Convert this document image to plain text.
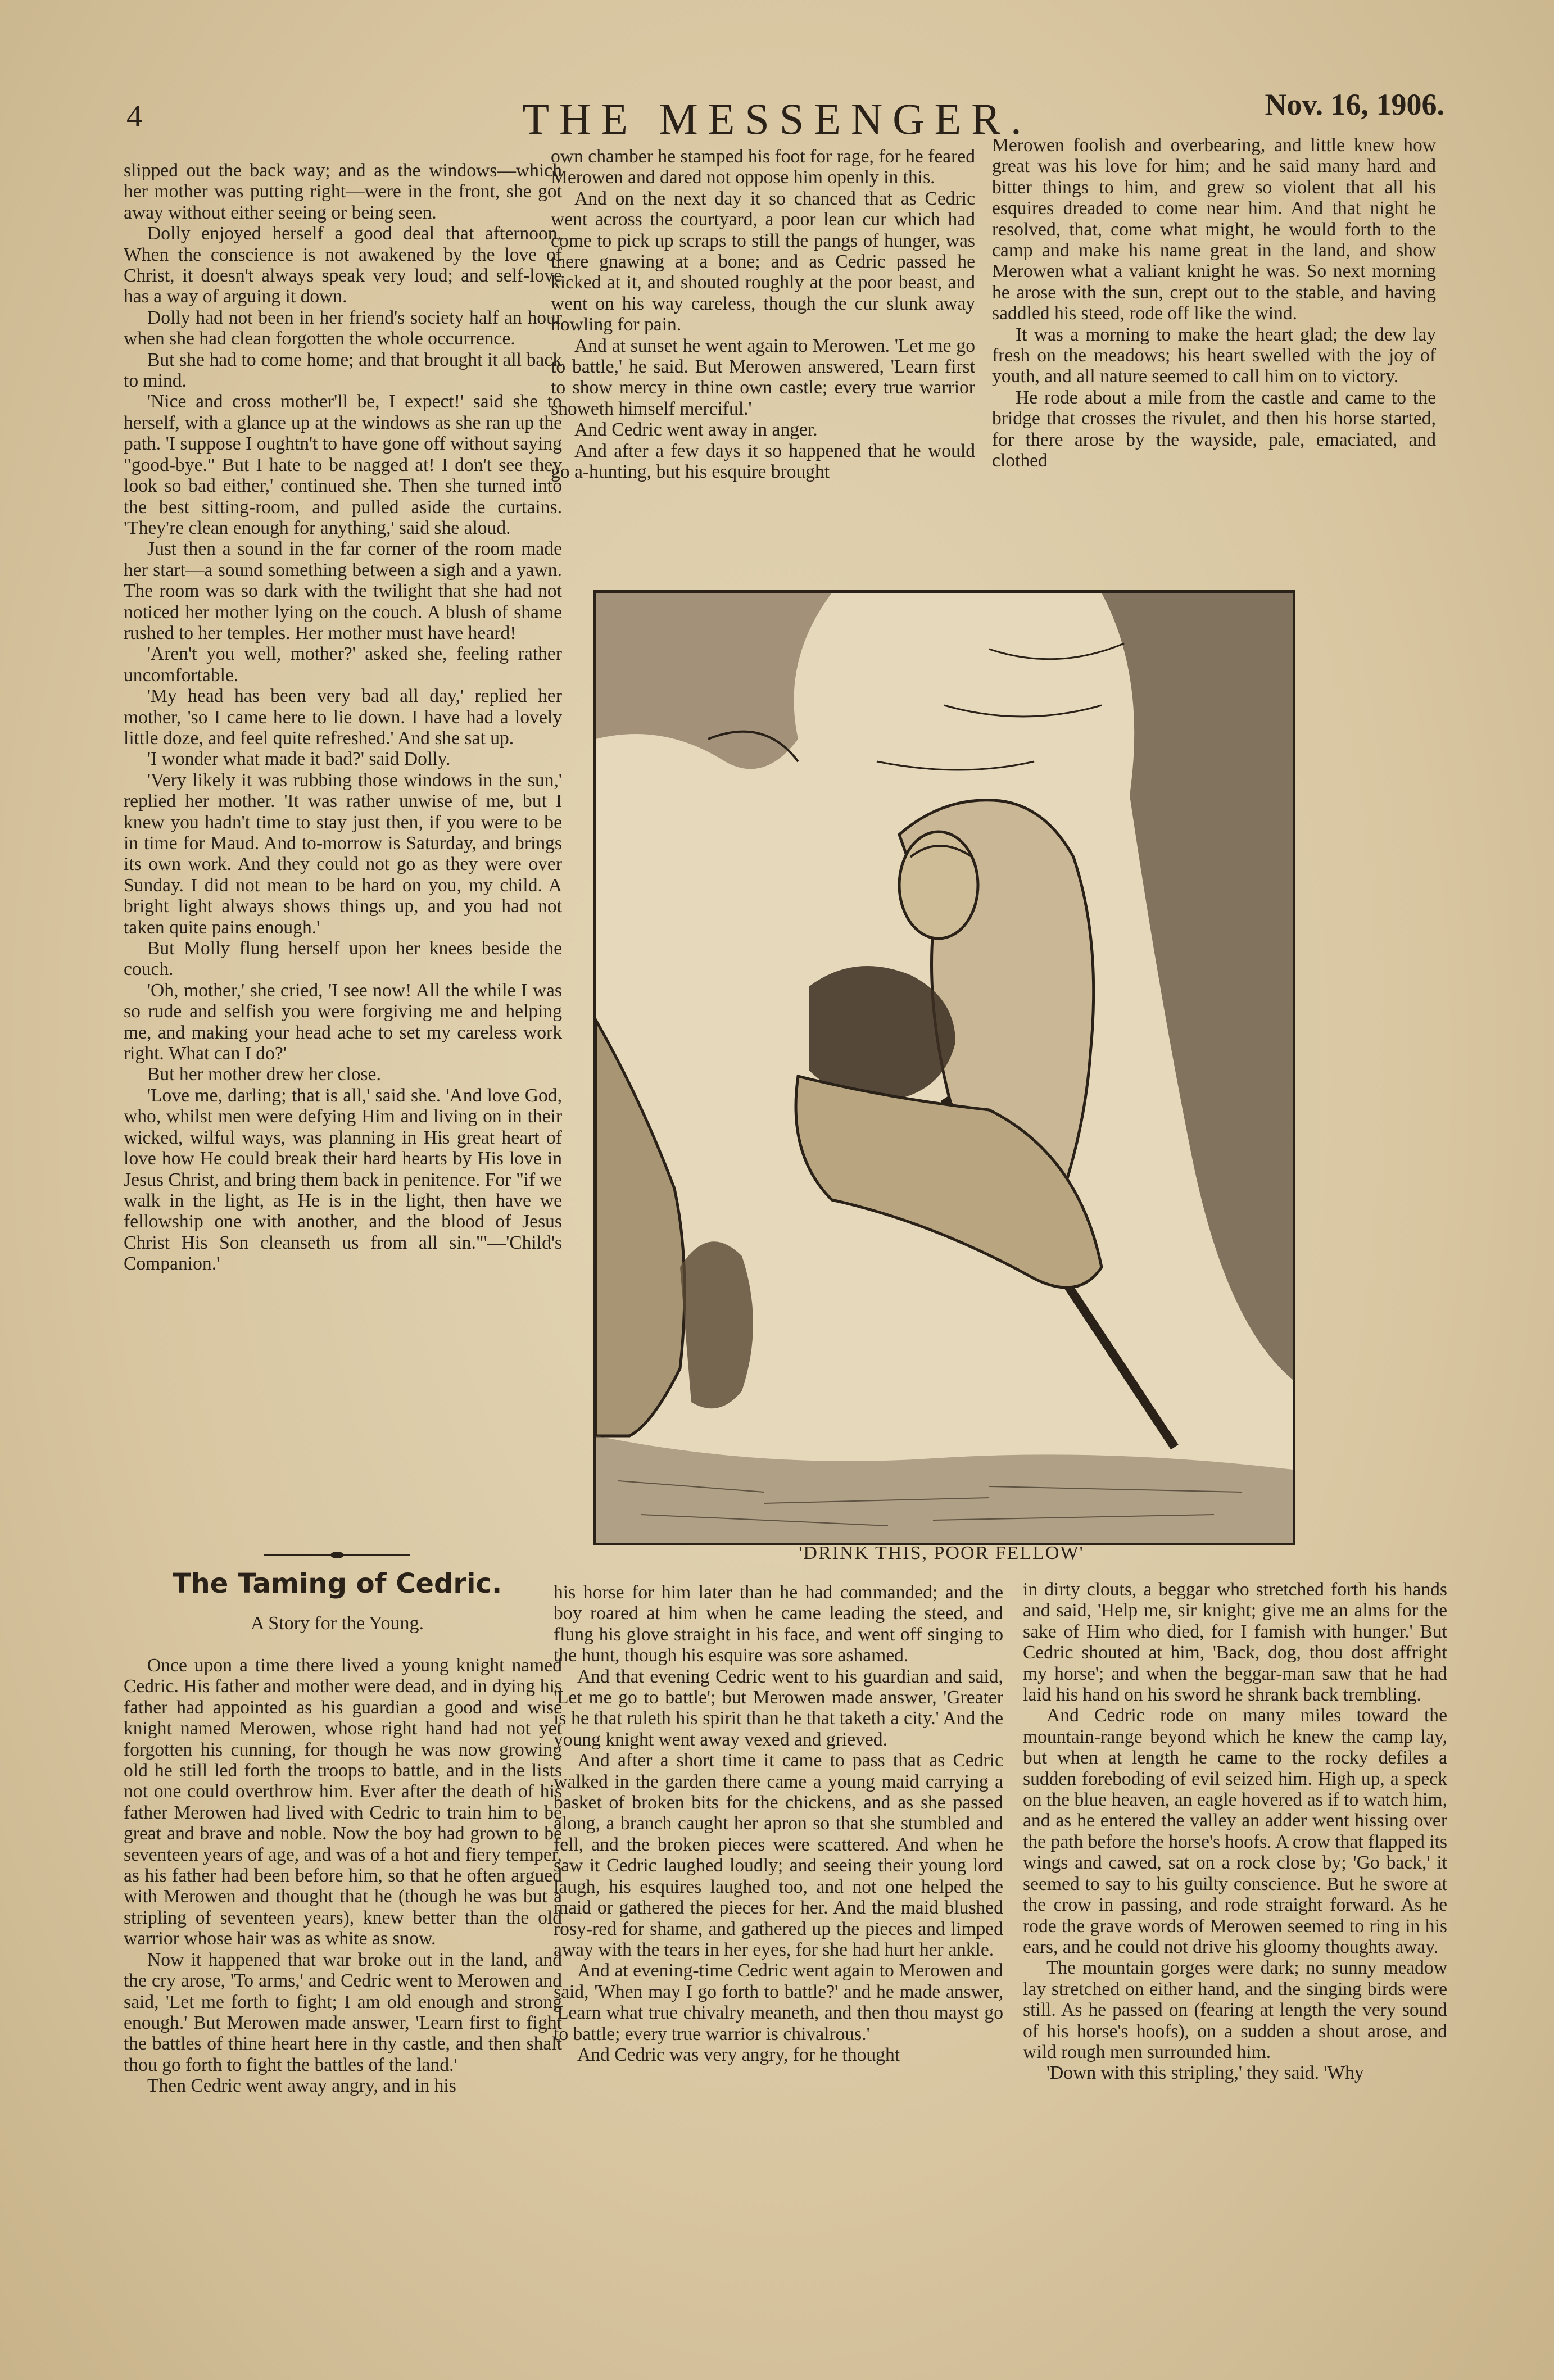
4	THE MESSENGER.	Nov. 16, 1906.

slipped out the back way; and as the windows—which her mother was putting right—were in the front, she got away without either seeing or being seen.

Dolly enjoyed herself a good deal that afternoon. When the conscience is not awakened by the love of Christ, it doesn't always speak very loud; and self-love has a way of arguing it down.

Dolly had not been in her friend's society half an hour when she had clean forgotten the whole occurrence.

But she had to come home; and that brought it all back to mind.

'Nice and cross mother'll be, I expect!' said she to herself, with a glance up at the windows as she ran up the path. 'I suppose I oughtn't to have gone off without saying "good-bye." But I hate to be nagged at! I don't see they look so bad either,' continued she. Then she turned into the best sitting-room, and pulled aside the curtains. 'They're clean enough for anything,' said she aloud.

Just then a sound in the far corner of the room made her start—a sound something between a sigh and a yawn. The room was so dark with the twilight that she had not noticed her mother lying on the couch. A blush of shame rushed to her temples. Her mother must have heard!

'Aren't you well, mother?' asked she, feeling rather uncomfortable.

'My head has been very bad all day,' replied her mother, 'so I came here to lie down. I have had a lovely little doze, and feel quite refreshed.' And she sat up.

'I wonder what made it bad?' said Dolly.

'Very likely it was rubbing those windows in the sun,' replied her mother. 'It was rather unwise of me, but I knew you hadn't time to stay just then, if you were to be in time for Maud. And to-morrow is Saturday, and brings its own work. And they could not go as they were over Sunday. I did not mean to be hard on you, my child. A bright light always shows things up, and you had not taken quite pains enough.'

But Molly flung herself upon her knees beside the couch.

'Oh, mother,' she cried, 'I see now! All the while I was so rude and selfish you were forgiving me and helping me, and making your head ache to set my careless work right. What can I do?'

But her mother drew her close.

'Love me, darling; that is all,' said she. 'And love God, who, whilst men were defying Him and living on in their wicked, wilful ways, was planning in His great heart of love how He could break their hard hearts by His love in Jesus Christ, and bring them back in penitence. For "if we walk in the light, as He is in the light, then have we fellowship one with another, and the blood of Jesus Christ His Son cleanseth us from all sin."'—'Child's Companion.'

own chamber he stamped his foot for rage, for he feared Merowen and dared not oppose him openly in this.

And on the next day it so chanced that as Cedric went across the courtyard, a poor lean cur which had come to pick up scraps to still the pangs of hunger, was there gnawing at a bone; and as Cedric passed he kicked at it, and shouted roughly at the poor beast, and went on his way careless, though the cur slunk away howling for pain.

And at sunset he went again to Merowen. 'Let me go to battle,' he said. But Merowen answered, 'Learn first to show mercy in thine own castle; every true warrior showeth himself merciful.'

And Cedric went away in anger.

And after a few days it so happened that he would go a-hunting, but his esquire brought

Merowen foolish and overbearing, and little knew how great was his love for him; and he said many hard and bitter things to him, and grew so violent that all his esquires dreaded to come near him. And that night he resolved, that, come what might, he would forth to the camp and make his name great in the land, and show Merowen what a valiant knight he was. So next morning he arose with the sun, crept out to the stable, and having saddled his steed, rode off like the wind.

It was a morning to make the heart glad; the dew lay fresh on the meadows; his heart swelled with the joy of youth, and all nature seemed to call him on to victory.

He rode about a mile from the castle and came to the bridge that crosses the rivulet, and then his horse started, for there arose by the wayside, pale, emaciated, and clothed

'DRINK THIS, POOR FELLOW'
The Taming of Cedric.
A Story for the Young.

Once upon a time there lived a young knight named Cedric. His father and mother were dead, and in dying his father had appointed as his guardian a good and wise knight named Merowen, whose right hand had not yet forgotten his cunning, for though he was now growing old he still led forth the troops to battle, and in the lists not one could overthrow him. Ever after the death of his father Merowen had lived with Cedric to train him to be great and brave and noble. Now the boy had grown to be seventeen years of age, and was of a hot and fiery temper, as his father had been before him, so that he often argued with Merowen and thought that he (though he was but a stripling of seventeen years), knew better than the old warrior whose hair was as white as snow.

Now it happened that war broke out in the land, and the cry arose, 'To arms,' and Cedric went to Merowen and said, 'Let me forth to fight; I am old enough and strong enough.' But Merowen made answer, 'Learn first to fight the battles of thine heart here in thy castle, and then shalt thou go forth to fight the battles of the land.'

Then Cedric went away angry, and in his

his horse for him later than he had commanded; and the boy roared at him when he came leading the steed, and flung his glove straight in his face, and went off singing to the hunt, though his esquire was sore ashamed.

And that evening Cedric went to his guardian and said, 'Let me go to battle'; but Merowen made answer, 'Greater is he that ruleth his spirit than he that taketh a city.' And the young knight went away vexed and grieved.

And after a short time it came to pass that as Cedric walked in the garden there came a young maid carrying a basket of broken bits for the chickens, and as she passed along, a branch caught her apron so that she stumbled and fell, and the broken pieces were scattered. And when he saw it Cedric laughed loudly; and seeing their young lord laugh, his esquires laughed too, and not one helped the maid or gathered the pieces for her. And the maid blushed rosy-red for shame, and gathered up the pieces and limped away with the tears in her eyes, for she had hurt her ankle.

And at evening-time Cedric went again to Merowen and said, 'When may I go forth to battle?' and he made answer, 'Learn what true chivalry meaneth, and then thou mayst go to battle; every true warrior is chivalrous.'

And Cedric was very angry, for he thought

in dirty clouts, a beggar who stretched forth his hands and said, 'Help me, sir knight; give me an alms for the sake of Him who died, for I famish with hunger.' But Cedric shouted at him, 'Back, dog, thou dost affright my horse'; and when the beggar-man saw that he had laid his hand on his sword he shrank back trembling.

And Cedric rode on many miles toward the mountain-range beyond which he knew the camp lay, but when at length he came to the rocky defiles a sudden foreboding of evil seized him. High up, a speck on the blue heaven, an eagle hovered as if to watch him, and as he entered the valley an adder went hissing over the path before the horse's hoofs. A crow that flapped its wings and cawed, sat on a rock close by; 'Go back,' it seemed to say to his guilty conscience. But he swore at the crow in passing, and rode straight forward. As he rode the grave words of Merowen seemed to ring in his ears, and he could not drive his gloomy thoughts away.

The mountain gorges were dark; no sunny meadow lay stretched on either hand, and the singing birds were still. As he passed on (fearing at length the very sound of his horse's hoofs), on a sudden a shout arose, and wild rough men surrounded him.

'Down with this stripling,' they said. 'Why
